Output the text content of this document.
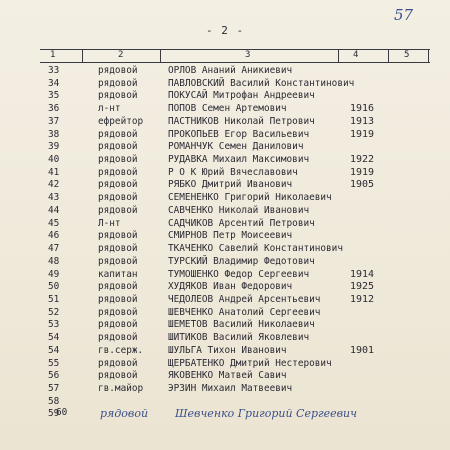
57
- 2 -
1	2	3	4	5
33	рядовой	ОРЛОВ Ананий Аникиевич
34	рядовой	ПАВЛОВСКИЙ Василий Константинович
35	рядовой	ПОКУСАЙ Митрофан Андреевич
36	л-нт	ПОПОВ Семен Артемович	1916
37	ефрейтор	ПАСТНИКОВ Николай Петрович	1913
38	рядовой	ПРОКОПЬЕВ Егор Васильевич	1919
39	рядовой	РОМАНЧУК Семен Данилович
40	рядовой	РУДАВКА Михаил Максимович	1922
41	рядовой	Р О К Юрий Вячеславович	1919
42	рядовой	РЯБКО Дмитрий Иванович	1905
43	рядовой	СЕМЕНЕНКО Григорий Николаевич
44	рядовой	САВЧЕНКО Николай Иванович
45	Л-нт	САДЧИКОВ Арсентий Петрович
46	рядовой	СМИРНОВ Петр Моисеевич
47	рядовой	ТКАЧЕНКО Савелий Константинович
48	рядовой	ТУРСКИЙ Владимир Федотович
49	капитан	ТУМОШЕНКО Федор Сергеевич	1914
50	рядовой	ХУДЯКОВ Иван Федорович	1925
51	рядовой	ЧЕДОЛЕОВ Андрей Арсентьевич	1912
52	рядовой	ШЕВЧЕНКО Анатолий Сергеевич
53	рядовой	ШЕМЕТОВ Василий Николаевич
54	рядовой	ШИТИКОВ Василий Яковлевич
54	гв.серж.	ШУЛЬГА Тихон Иванович	1901
55	рядовой	ЩЕРБАТЕНКО Дмитрий Нестерович
56	рядовой	ЯКОВЕНКО Матвей Савич
57	гв.майор	ЭРЗИН Михаил Матвеевич
58
59
60	рядовой Шевченко Григорий Сергеевич
